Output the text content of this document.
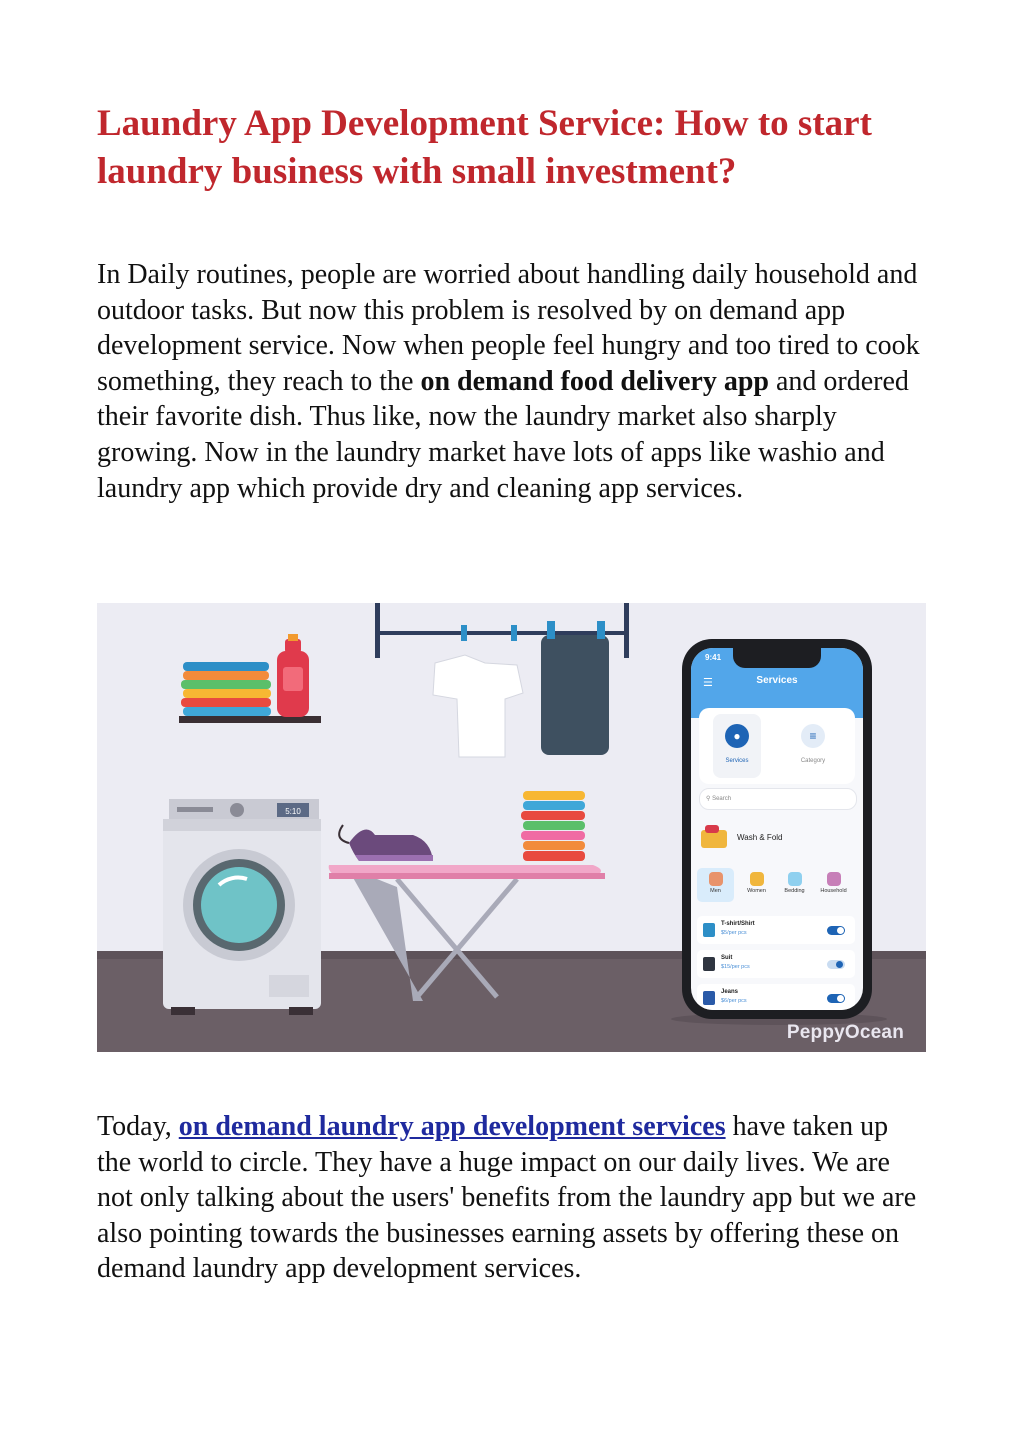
Laundry App Development Service: How to start laundry business with small investment?

In Daily routines, people are worried about handling daily household and outdoor tasks. But now this problem is resolved by on demand app development service. Now when people feel hungry and too tired to cook something, they reach to the on demand food delivery app and ordered their favorite dish. Thus like, now the laundry market also sharply growing. Now in the laundry market have lots of apps like washio and laundry app which provide dry and cleaning app services.

5:10
9:41
☰	Services
●
Services
≡
Category
⚲ Search
Wash & Fold
Men	Women	Bedding	Household
T-shirt/Shirt
$5/per pcs
Suit
$15/per pcs
Jeans
$6/per pcs
PeppyOcean

Today, on demand laundry app development services have taken up the world to circle. They have a huge impact on our daily lives. We are not only talking about the users' benefits from the laundry app but we are also pointing towards the businesses earning assets by offering these on demand laundry app development services.
